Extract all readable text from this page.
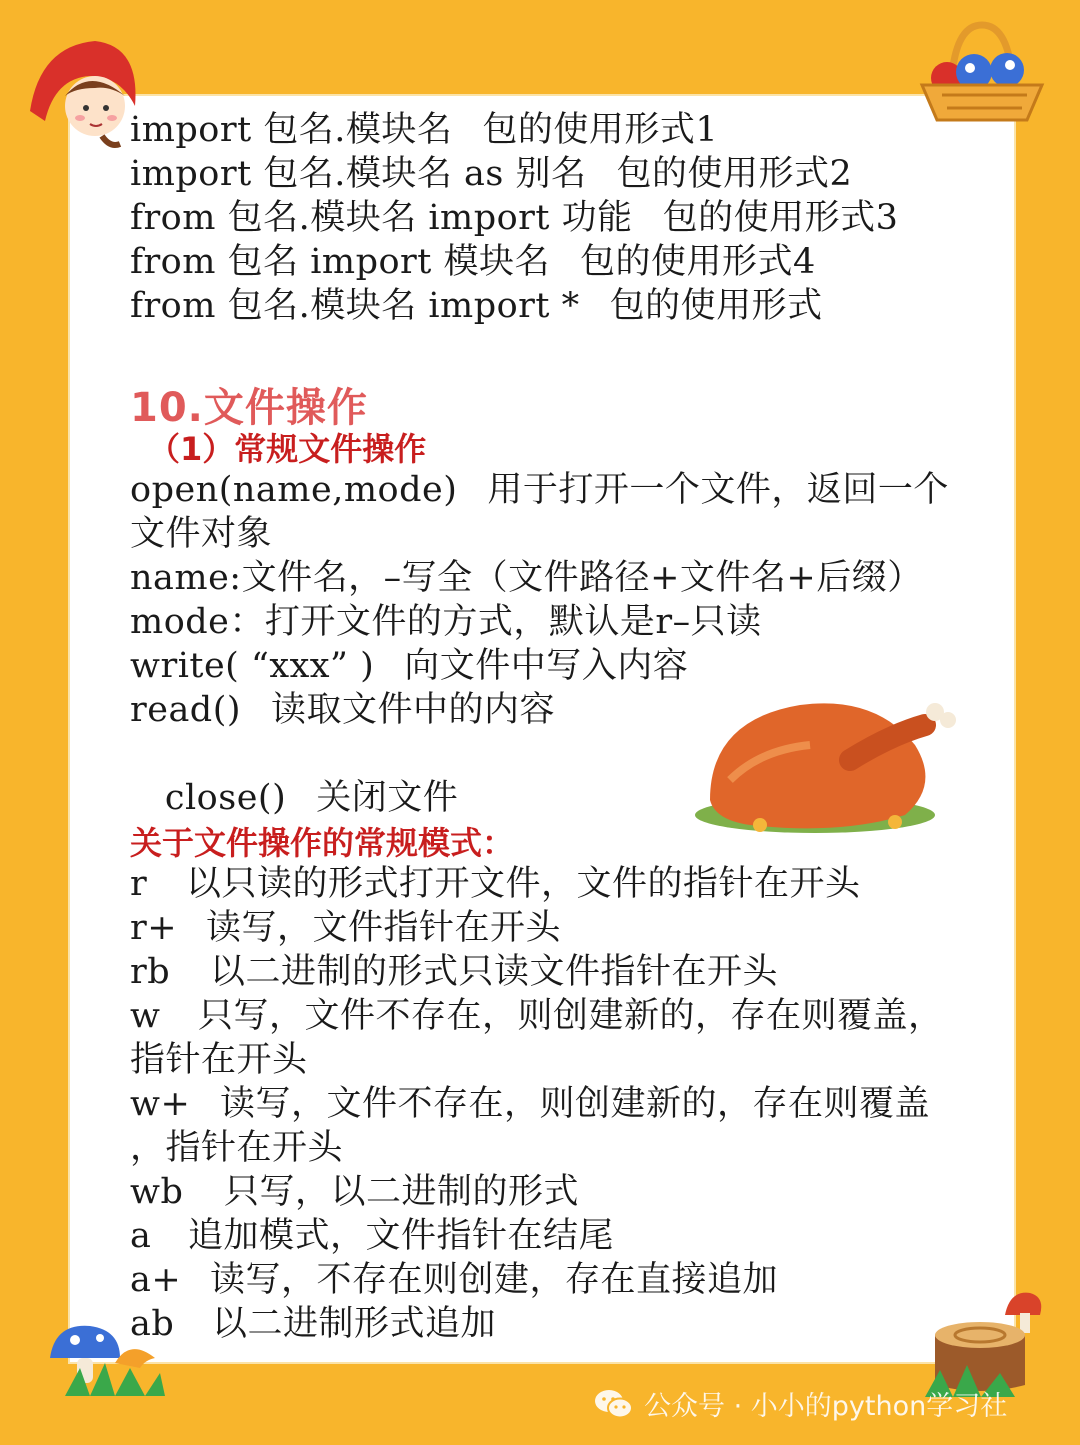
import 包名.模块名 包的使用形式1
import 包名.模块名 as 别名 包的使用形式2
from 包名.模块名 import 功能 包的使用形式3
from 包名 import 模块名 包的使用形式4
from 包名.模块名 import * 包的使用形式
10.文件操作
（1）常规文件操作
open(name,mode) 用于打开一个文件，返回一个
文件对象
name:文件名，–写全（文件路径+文件名+后缀）
mode：打开文件的方式，默认是r–只读
write( “xxx” ) 向文件中写入内容
read() 读取文件中的内容

close() 关闭文件

关于文件操作的常规模式：
r 以只读的形式打开文件，文件的指针在开头
r+ 读写，文件指针在开头
rb 以二进制的形式只读文件指针在开头
w 只写，文件不存在，则创建新的，存在则覆盖，
指针在开头
w+ 读写，文件不存在，则创建新的，存在则覆盖
，指针在开头
wb 只写，以二进制的形式
a 追加模式，文件指针在结尾
a+ 读写，不存在则创建，存在直接追加
ab 以二进制形式追加
公众号 · 小小的python学习社
